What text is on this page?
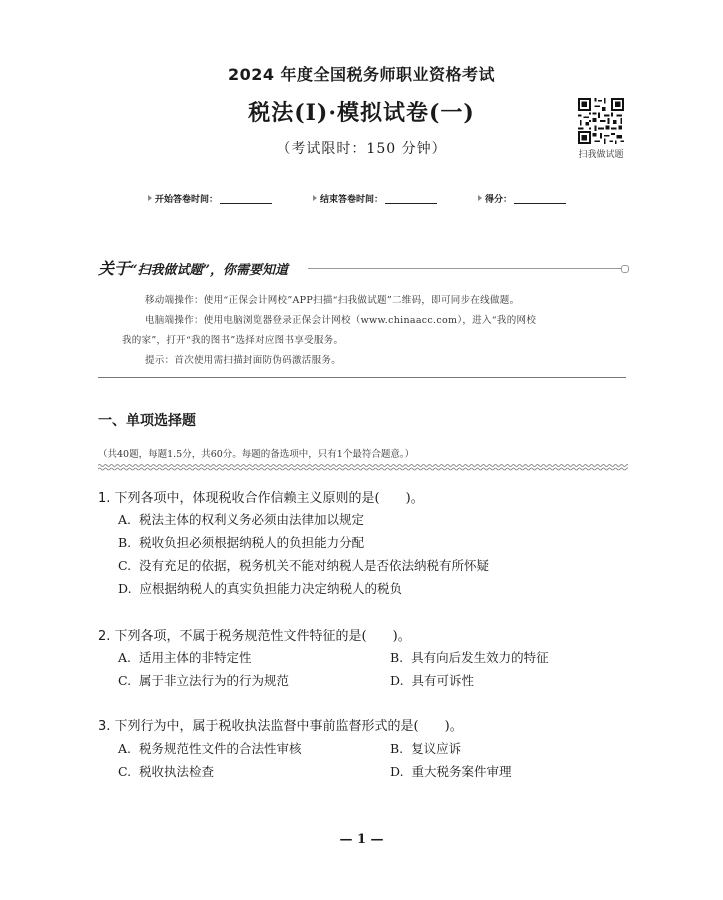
2024 年度全国税务师职业资格考试
税法(Ⅰ)·模拟试卷(一)
（考试限时：150 分钟）	扫我做试题
开始答卷时间：	结束答卷时间：	得分：
关于“扫我做试题”，你需要知道
移动端操作：使用“正保会计网校”APP扫描“扫我做试题”二维码，即可同步在线做题。
电脑端操作：使用电脑浏览器登录正保会计网校（www.chinaacc.com），进入“我的网校
我的家”，打开“我的图书”选择对应图书享受服务。
提示：首次使用需扫描封面防伪码激活服务。
一、单项选择题
（共40题，每题1.5分，共60分。每题的备选项中，只有1个最符合题意。）
1. 下列各项中，体现税收合作信赖主义原则的是(　　)。
A. 税法主体的权利义务必须由法律加以规定
B. 税收负担必须根据纳税人的负担能力分配
C. 没有充足的依据，税务机关不能对纳税人是否依法纳税有所怀疑
D. 应根据纳税人的真实负担能力决定纳税人的税负
2. 下列各项，不属于税务规范性文件特征的是(　　)。
A. 适用主体的非特定性	B. 具有向后发生效力的特征
C. 属于非立法行为的行为规范	D. 具有可诉性
3. 下列行为中，属于税收执法监督中事前监督形式的是(　　)。
A. 税务规范性文件的合法性审核	B. 复议应诉
C. 税收执法检查	D. 重大税务案件审理
— 1 —
